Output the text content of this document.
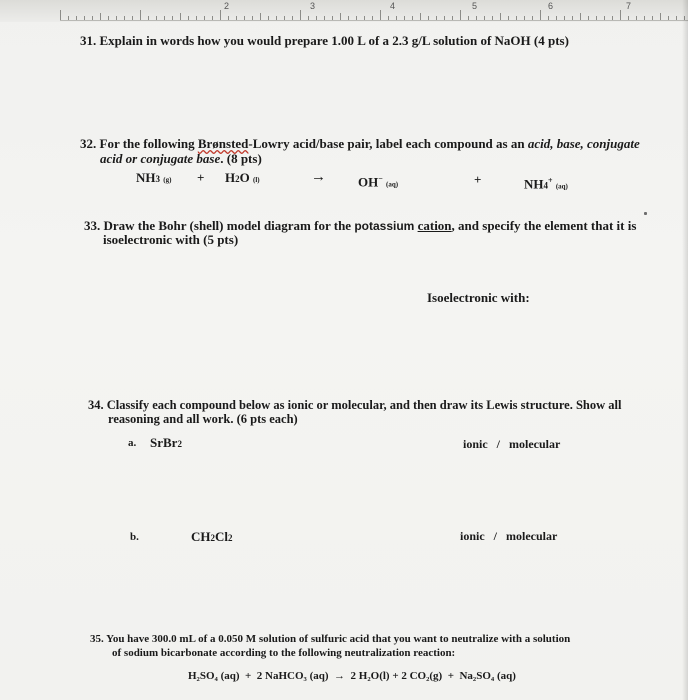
2	3	4	5	6	7
31. Explain in words how you would prepare 1.00 L of a 2.3 g/L solution of NaOH (4 pts)
32. For the following Brønsted-Lowry acid/base pair, label each compound as an acid, base, conjugate
acid or conjugate base. (8 pts)
NH3 (g) + H2O (l)	→ OH− (aq)	+	NH4+ (aq)
33. Draw the Bohr (shell) model diagram for the potassium cation, and specify the element that it is
isoelectronic with (5 pts)
Isoelectronic with:
34. Classify each compound below as ionic or molecular, and then draw its Lewis structure. Show all
reasoning and all work. (6 pts each)
a. SrBr2	ionic   /   molecular
b.	CH2Cl2	ionic   /   molecular
35. You have 300.0 mL of a 0.050 M solution of sulfuric acid that you want to neutralize with a solution
of sodium bicarbonate according to the following neutralization reaction:
H₂SO₄ (aq)  +  2 NaHCO₃ (aq)  →  2 H₂O(l) + 2 CO₂(g)  +  Na₂SO₄ (aq)
